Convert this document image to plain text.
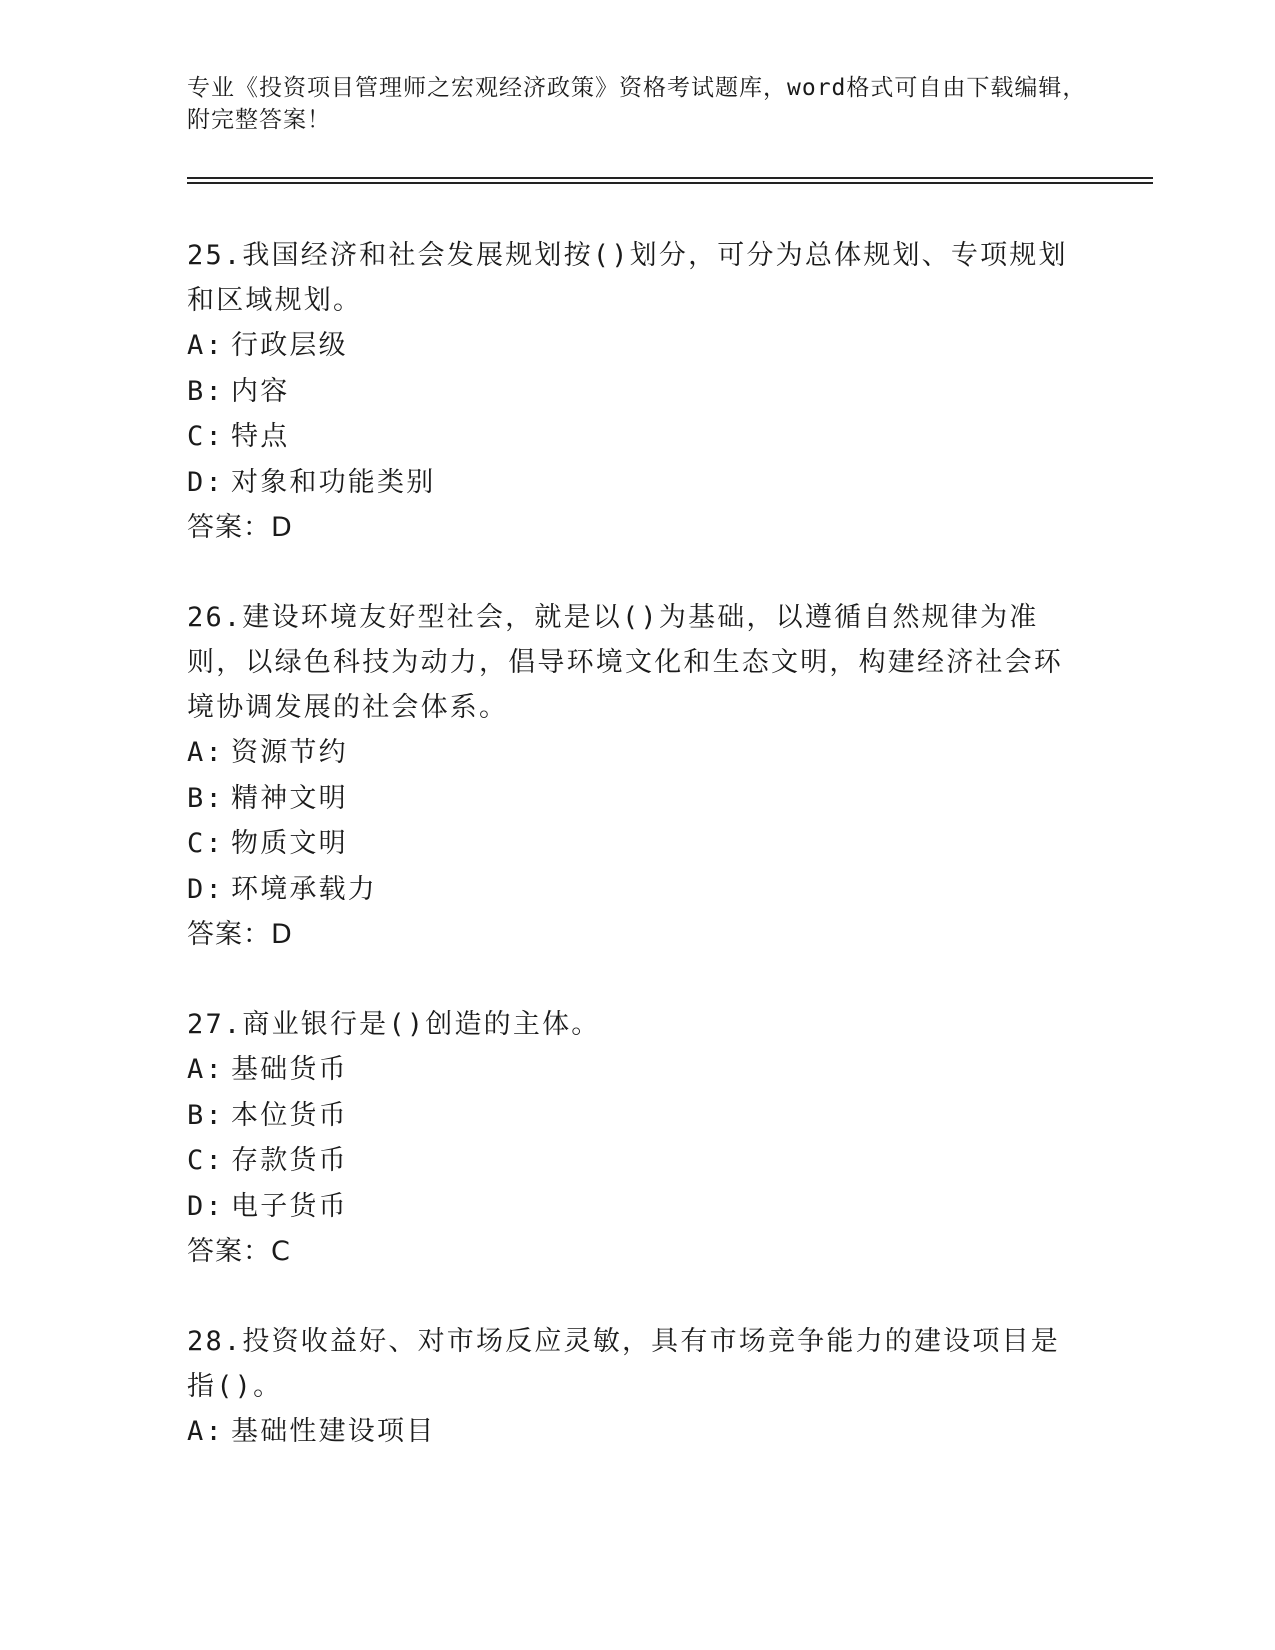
专业《投资项目管理师之宏观经济政策》资格考试题库，word格式可自由下载编辑，附完整答案！
25.我国经济和社会发展规划按()划分，可分为总体规划、专项规划和区域规划。
A: 行政层级
B: 内容
C: 特点
D: 对象和功能类别
答案：D
26.建设环境友好型社会，就是以()为基础，以遵循自然规律为准则，以绿色科技为动力，倡导环境文化和生态文明，构建经济社会环境协调发展的社会体系。
A: 资源节约
B: 精神文明
C: 物质文明
D: 环境承载力
答案：D
27.商业银行是()创造的主体。
A: 基础货币
B: 本位货币
C: 存款货币
D: 电子货币
答案：C
28.投资收益好、对市场反应灵敏，具有市场竞争能力的建设项目是指()。
A: 基础性建设项目
